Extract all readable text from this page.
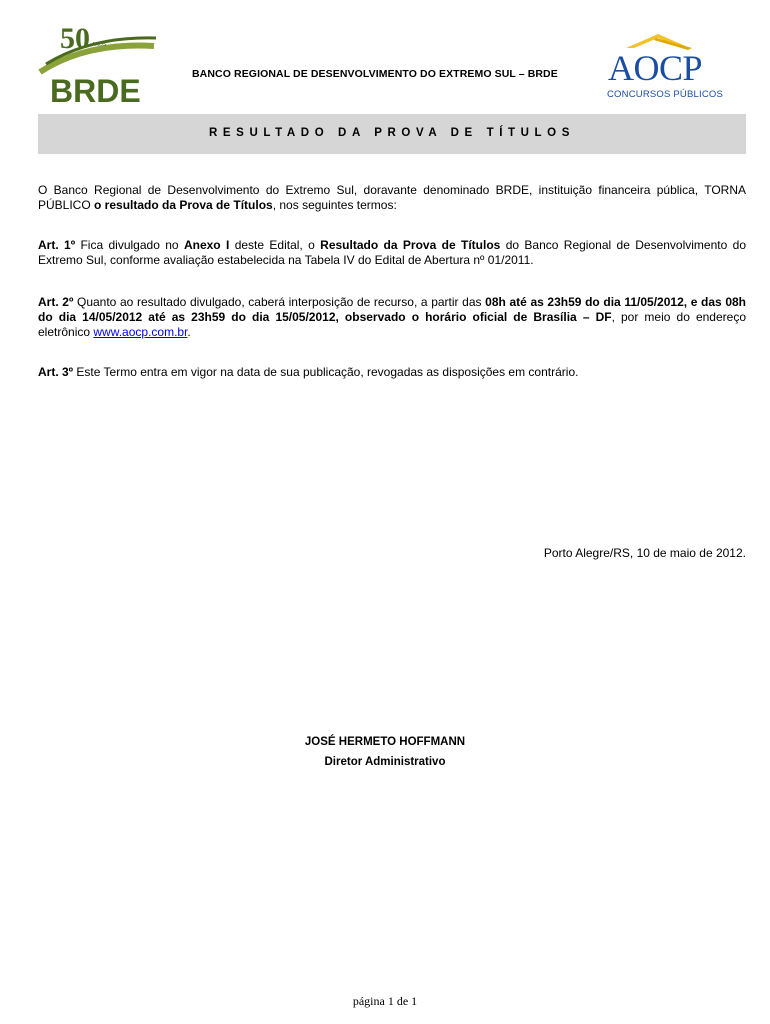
50 ANOS
BRDE	BANCO REGIONAL DE DESENVOLVIMENTO DO EXTREMO SUL – BRDE AOCP
CONCURSOS PÚBLICOS
RESULTADO DA PROVA DE TÍTULOS
O Banco Regional de Desenvolvimento do Extremo Sul, doravante denominado BRDE, instituição financeira pública, TORNA PÚBLICO o resultado da Prova de Títulos, nos seguintes termos:
Art. 1º Fica divulgado no Anexo I deste Edital, o Resultado da Prova de Títulos do Banco Regional de Desenvolvimento do Extremo Sul, conforme avaliação estabelecida na Tabela IV do Edital de Abertura nº 01/2011.
Art. 2º Quanto ao resultado divulgado, caberá interposição de recurso, a partir das 08h até as 23h59 do dia 11/05/2012, e das 08h do dia 14/05/2012 até as 23h59 do dia 15/05/2012, observado o horário oficial de Brasília – DF, por meio do endereço eletrônico www.aocp.com.br.
Art. 3º Este Termo entra em vigor na data de sua publicação, revogadas as disposições em contrário.
Porto Alegre/RS, 10 de maio de 2012.
JOSÉ HERMETO HOFFMANN
Diretor Administrativo
página 1 de 1
